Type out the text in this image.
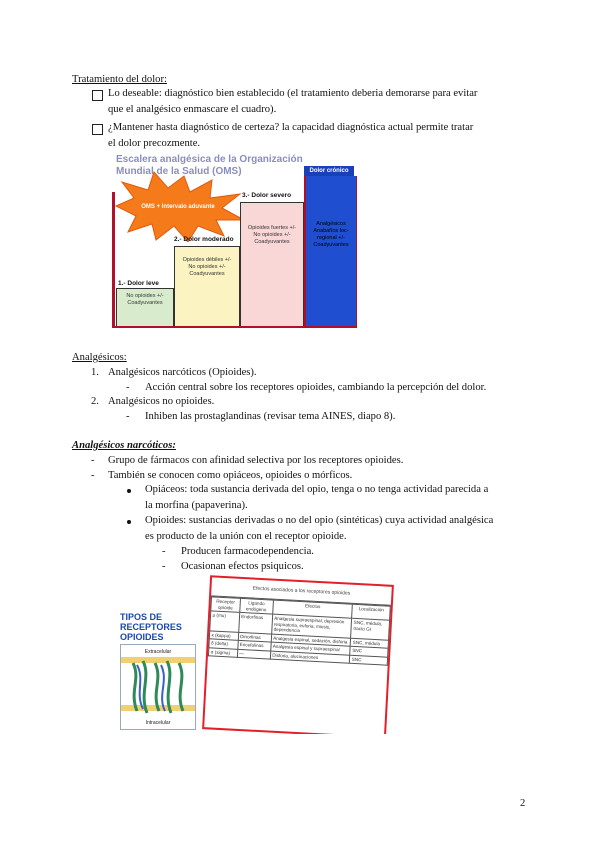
Tratamiento del dolor:
Lo deseable: diagnóstico bien establecido (el tratamiento deberia demorarse para evitar
que el analgésico enmascare el cuadro).
¿Mantener hasta diagnóstico de certeza? la capacidad diagnóstica actual permite tratar
el dolor precozmente.
Escalera analgésica de la Organización Mundial de la Salud (OMS)
OMS + Intervalo aduvante
Dolor crónico
Analgésicos Anabaños loc-regional +/- Coadyuvantes
3.- Dolor severo
Opioides fuertes +/- No opioides +/- Coadyuvantes
2.- Dolor moderado
Opioides débiles +/- No opioides +/- Coadyuvantes
1.- Dolor leve
No opioides +/- Coadyuvantes
Analgésicos:
1. Analgésicos narcóticos (Opioides).
- Acción central sobre los receptores opioides, cambiando la percepción del dolor.
2. Analgésicos no opioides.
- Inhiben las prostaglandinas (revisar tema AINES, diapo 8).
Analgésicos narcóticos:
- Grupo de fármacos con afinidad selectiva por los receptores opioides.
- También se conocen como opiáceos, opioides o mórficos.
Opiáceos: toda sustancia derivada del opio, tenga o no tenga actividad parecida a
la morfina (papaverina).
Opioides: sustancias derivadas o no del opio (sintéticas) cuya actividad analgésica
es producto de la unión con el receptor opioide.
- Producen farmacodependencia.
- Ocasionan efectos psiquicos.
TIPOS DE RECEPTORES OPIOIDES
Extracelular
Intracelular
Efectos asociados a los receptores opioides
Receptor opioide	Ligando endógeno	Efectos	Localización
μ (mu)	Endorfinas	Analgesia supraespinal, depresión respiratoria, euforia, miosis, dependencia	SNC, médula, tracto GI
κ (kappa)	Dinorfinas	Analgesia espinal, sedación, disforia	SNC, médula
δ (delta)	Encefalinas	Analgesia espinal y supraespinal	SNC
σ (sigma)	—	Disforia, alucinaciones	SNC
2
